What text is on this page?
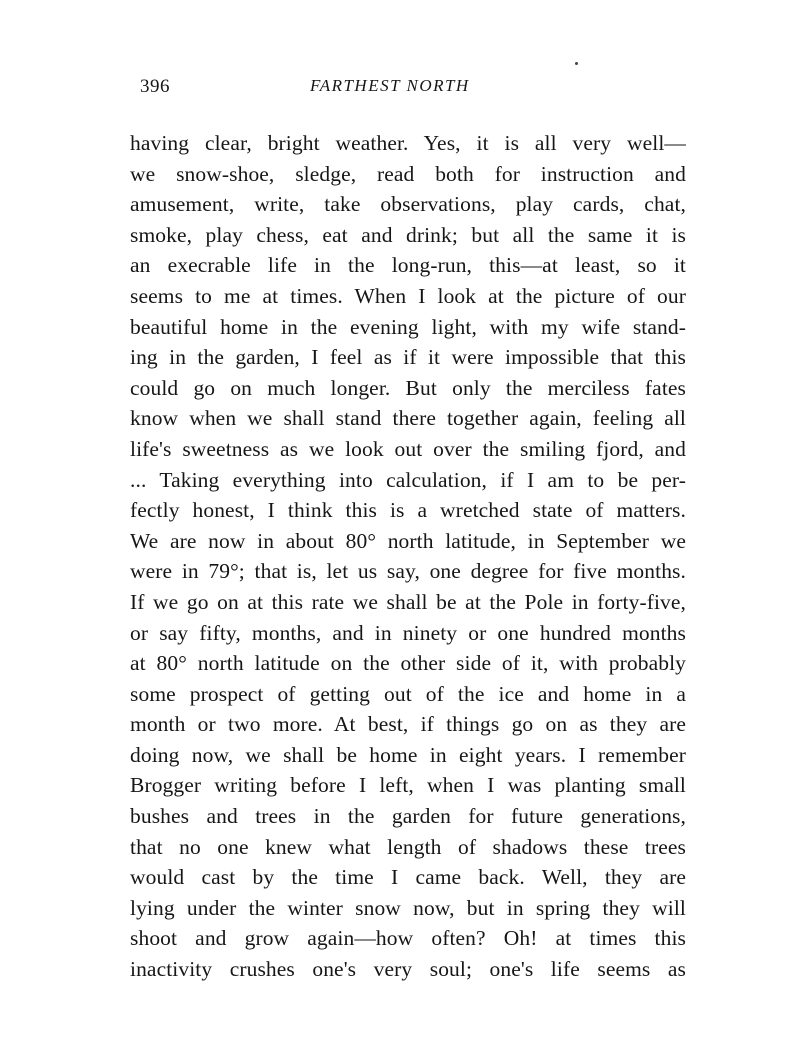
396	FARTHEST NORTH
having clear, bright weather. Yes, it is all very well—
we snow-shoe, sledge, read both for instruction and
amusement, write, take observations, play cards, chat,
smoke, play chess, eat and drink; but all the same it is
an execrable life in the long-run, this—at least, so it
seems to me at times. When I look at the picture of our
beautiful home in the evening light, with my wife stand-
ing in the garden, I feel as if it were impossible that this
could go on much longer. But only the merciless fates
know when we shall stand there together again, feeling all
life's sweetness as we look out over the smiling fjord, and
... Taking everything into calculation, if I am to be per-
fectly honest, I think this is a wretched state of matters.
We are now in about 80° north latitude, in September we
were in 79°; that is, let us say, one degree for five months.
If we go on at this rate we shall be at the Pole in forty-five,
or say fifty, months, and in ninety or one hundred months
at 80° north latitude on the other side of it, with probably
some prospect of getting out of the ice and home in a
month or two more. At best, if things go on as they are
doing now, we shall be home in eight years. I remember
Brogger writing before I left, when I was planting small
bushes and trees in the garden for future generations,
that no one knew what length of shadows these trees
would cast by the time I came back. Well, they are
lying under the winter snow now, but in spring they will
shoot and grow again—how often? Oh! at times this
inactivity crushes one's very soul; one's life seems as
